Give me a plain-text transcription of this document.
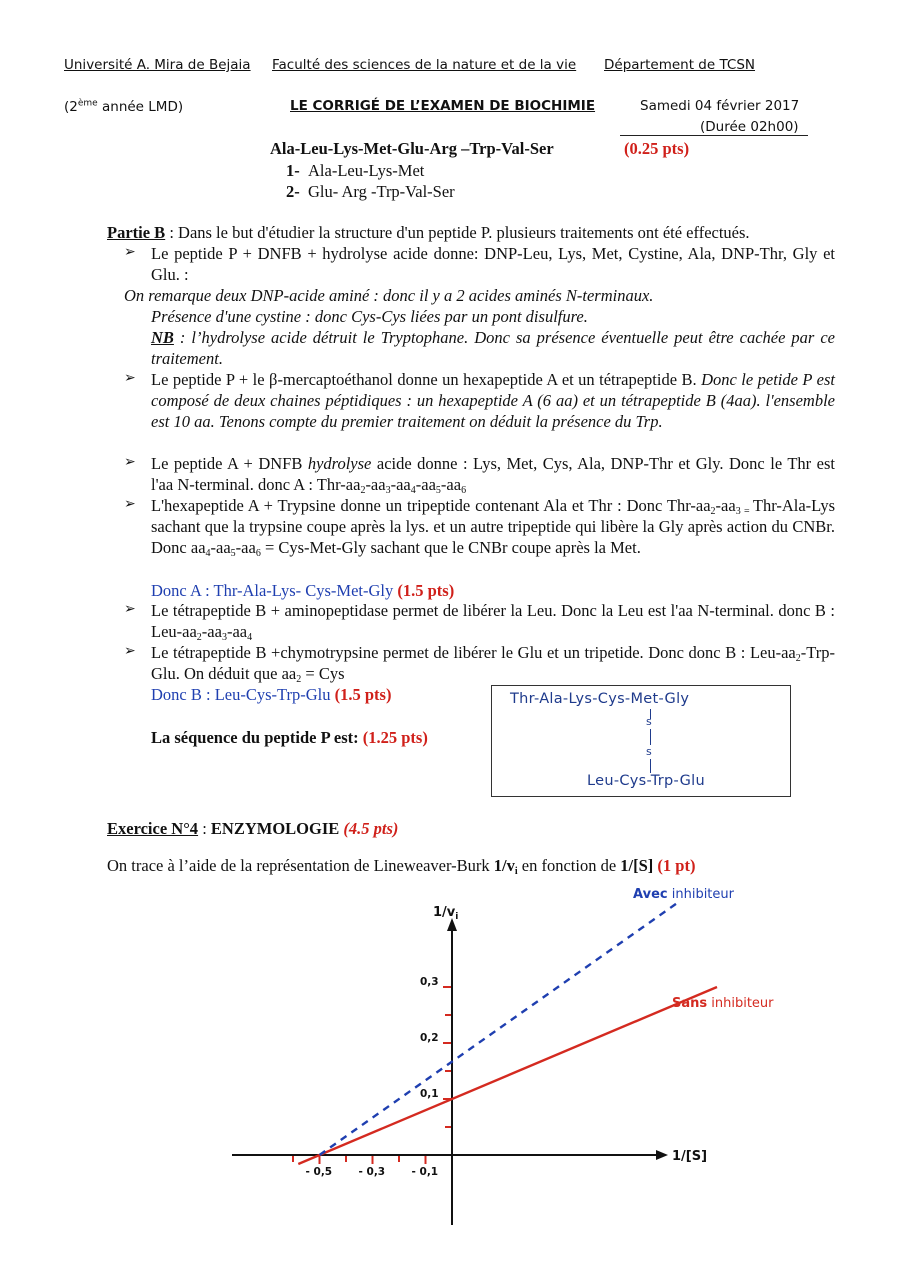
Université A. Mira de Bejaia Faculté des sciences de la nature et de la vie Département de TCSN
(2ème année LMD)	LE CORRIGÉ DE L’EXAMEN DE BIOCHIMIE	Samedi 04 février 2017
(Durée 02h00)
Ala-Leu-Lys-Met-Glu-Arg –Trp-Val-Ser	(0.25 pts)
1- Ala-Leu-Lys-Met
2- Glu- Arg -Trp-Val-Ser
Partie B : Dans le but d'étudier la structure d'un peptide P. plusieurs traitements ont été effectués.
➢ Le peptide P + DNFB + hydrolyse acide donne: DNP-Leu, Lys, Met, Cystine, Ala, DNP-Thr, Gly et Glu. :
On remarque deux DNP-acide aminé : donc il y a 2 acides aminés N-terminaux.
Présence d'une cystine : donc Cys-Cys liées par un pont disulfure.
NB : l’hydrolyse acide détruit le Tryptophane. Donc sa présence éventuelle peut être cachée par ce traitement.
➢ Le peptide P + le β-mercaptoéthanol donne un hexapeptide A et un tétrapeptide B. Donc le petide P est composé de deux chaines péptidiques : un hexapeptide A (6 aa) et un tétrapeptide B (4aa). l'ensemble est 10 aa. Tenons compte du premier traitement on déduit la présence du Trp.
➢ Le peptide A + DNFB hydrolyse acide donne : Lys, Met, Cys, Ala, DNP-Thr et Gly. Donc le Thr est l'aa N-terminal. donc A : Thr-$aa_2-aa_3-aa_4-aa_5-aa_6$
➢ L'hexapeptide A + Trypsine donne un tripeptide contenant Ala et Thr : Donc Thr-$aa_2-aa_3$ $_=$ Thr-Ala-Lys sachant que la trypsine coupe après la lys. et un autre tripeptide qui libère la Gly après action du CNBr. Donc $aa_4-aa_5-aa_6 = Cys-Met-Gly$ sachant que le CNBr coupe après la Met.
Donc A : Thr-Ala-Lys- Cys-Met-Gly (1.5 pts)
➢ Le tétrapeptide B + aminopeptidase permet de libérer la Leu. Donc la Leu est l'aa N-terminal. donc B : Leu-$aa_2-aa_3-aa_4$
➢ Le tétrapeptide B +chymotrypsine permet de libérer le Glu et un tripetide. Donc donc B : Leu-$aa_2-Trp$-Glu. On déduit que $aa_2$ = Cys
Donc B : Leu-Cys-Trp-Glu (1.5 pts)
La séquence du peptide P est: (1.25 pts)
Thr-Ala-Lys-Cys-Met-Gly
s
s
Leu-Cys-Trp-Glu
Exercice N°4 : ENZYMOLOGIE (4.5 pts)
On trace à l’aide de la représentation de Lineweaver-Burk $1/v_i$ en fonction de 1/[S] (1 pt)
1/[S]
$1/v_i$
0,3
0,2
0,1
- 0,5	- 0,3	- 0,1
Sans inhibiteur
Avec inhibiteur
